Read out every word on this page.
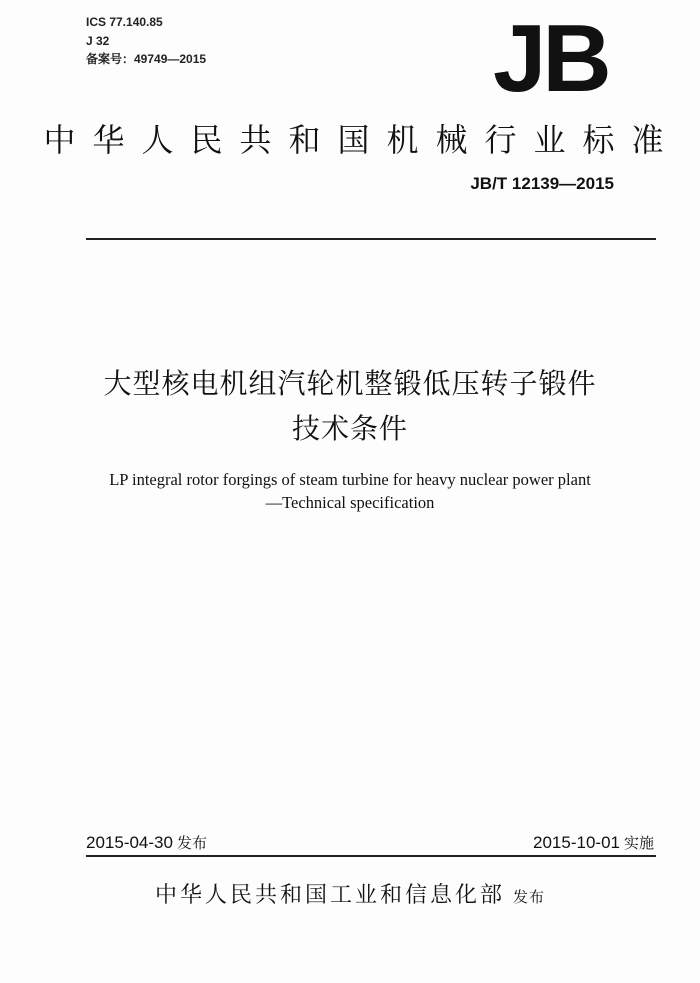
ICS 77.140.85
J 32
备案号：49749—2015	JB
中华人民共和国机械行业标准
JB/T 12139—2015
大型核电机组汽轮机整锻低压转子锻件
技术条件
LP integral rotor forgings of steam turbine for heavy nuclear power plant
—Technical specification
2015-04-30 发布	2015-10-01 实施
中华人民共和国工业和信息化部 发布
